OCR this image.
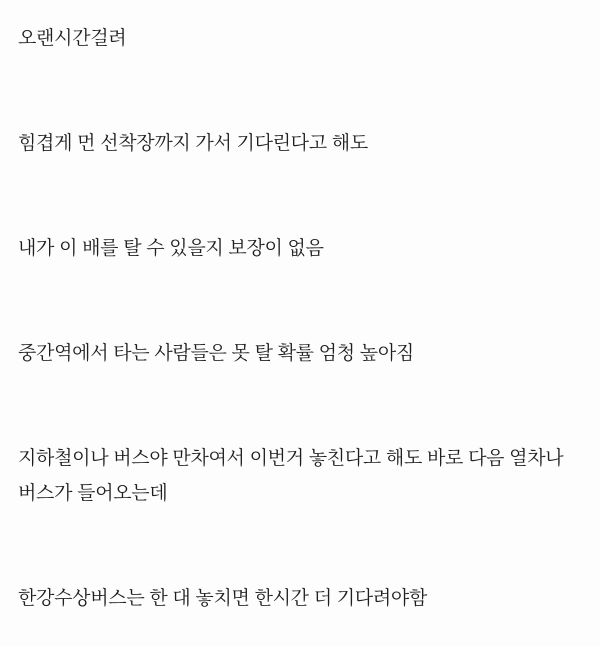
오랜시간걸려

힘겹게 먼 선착장까지 가서 기다린다고 해도

내가 이 배를 탈 수 있을지 보장이 없음

중간역에서 타는 사람들은 못 탈 확률 엄청 높아짐

지하철이나 버스야 만차여서 이번거 놓친다고 해도 바로 다음 열차나 버스가 들어오는데

한강수상버스는 한 대 놓치면 한시간 더 기다려야함
